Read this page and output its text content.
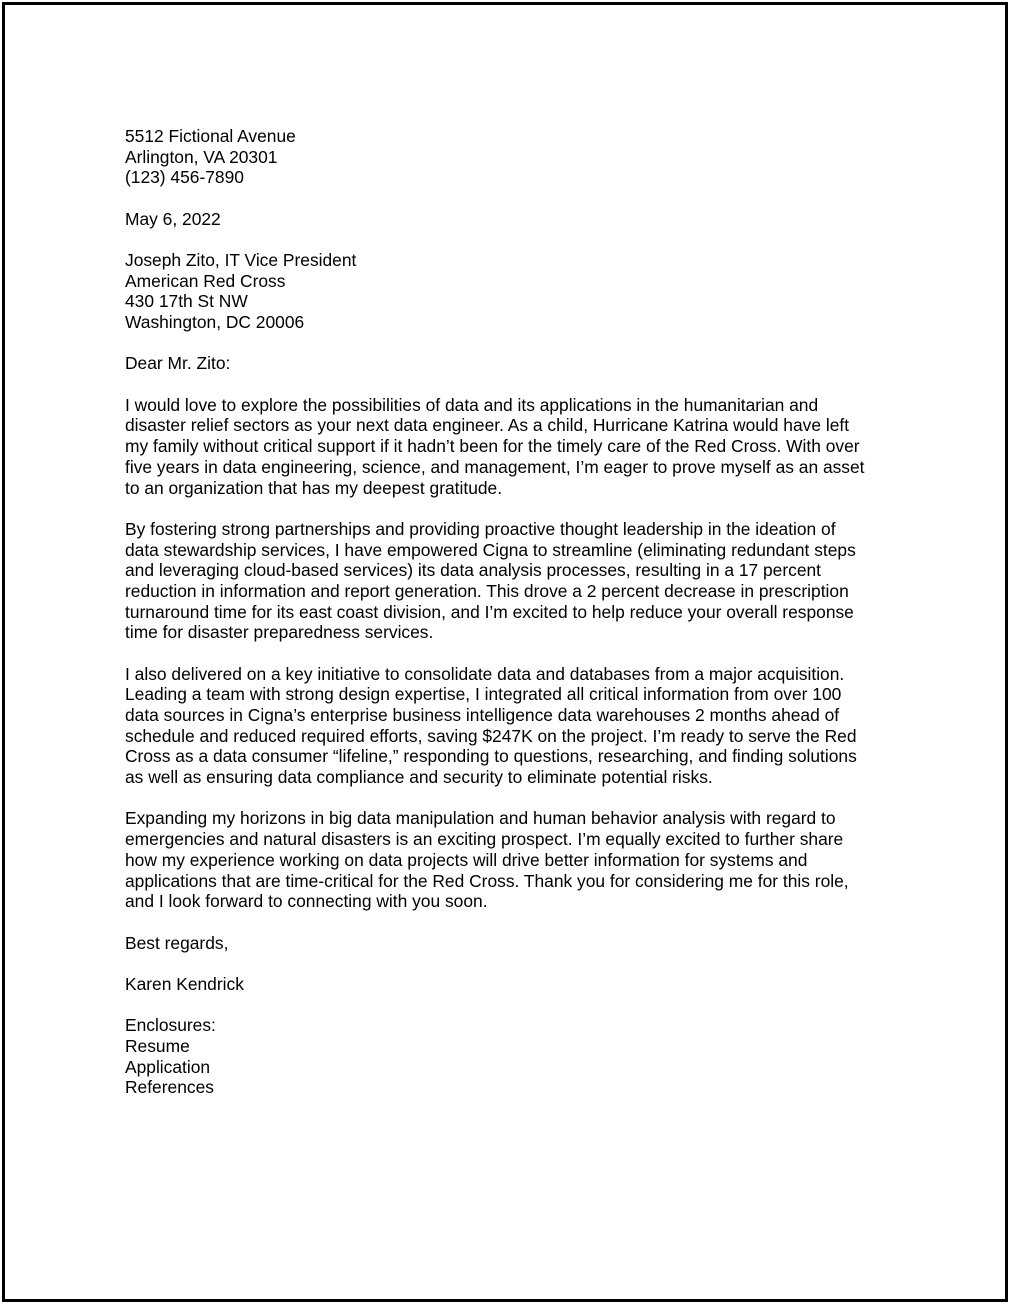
5512 Fictional Avenue
Arlington, VA 20301
(123) 456-7890
May 6, 2022
Joseph Zito, IT Vice President
American Red Cross
430 17th St NW
Washington, DC 20006
Dear Mr. Zito:

I would love to explore the possibilities of data and its applications in the humanitarian and
disaster relief sectors as your next data engineer. As a child, Hurricane Katrina would have left
my family without critical support if it hadn’t been for the timely care of the Red Cross. With over
five years in data engineering, science, and management, I’m eager to prove myself as an asset
to an organization that has my deepest gratitude.

By fostering strong partnerships and providing proactive thought leadership in the ideation of
data stewardship services, I have empowered Cigna to streamline (eliminating redundant steps
and leveraging cloud-based services) its data analysis processes, resulting in a 17 percent
reduction in information and report generation. This drove a 2 percent decrease in prescription
turnaround time for its east coast division, and I’m excited to help reduce your overall response
time for disaster preparedness services.

I also delivered on a key initiative to consolidate data and databases from a major acquisition.
Leading a team with strong design expertise, I integrated all critical information from over 100
data sources in Cigna’s enterprise business intelligence data warehouses 2 months ahead of
schedule and reduced required efforts, saving $247K on the project. I’m ready to serve the Red
Cross as a data consumer “lifeline,” responding to questions, researching, and finding solutions
as well as ensuring data compliance and security to eliminate potential risks.

Expanding my horizons in big data manipulation and human behavior analysis with regard to
emergencies and natural disasters is an exciting prospect. I’m equally excited to further share
how my experience working on data projects will drive better information for systems and
applications that are time-critical for the Red Cross. Thank you for considering me for this role,
and I look forward to connecting with you soon.

Best regards,
Karen Kendrick
Enclosures:
Resume
Application
References
